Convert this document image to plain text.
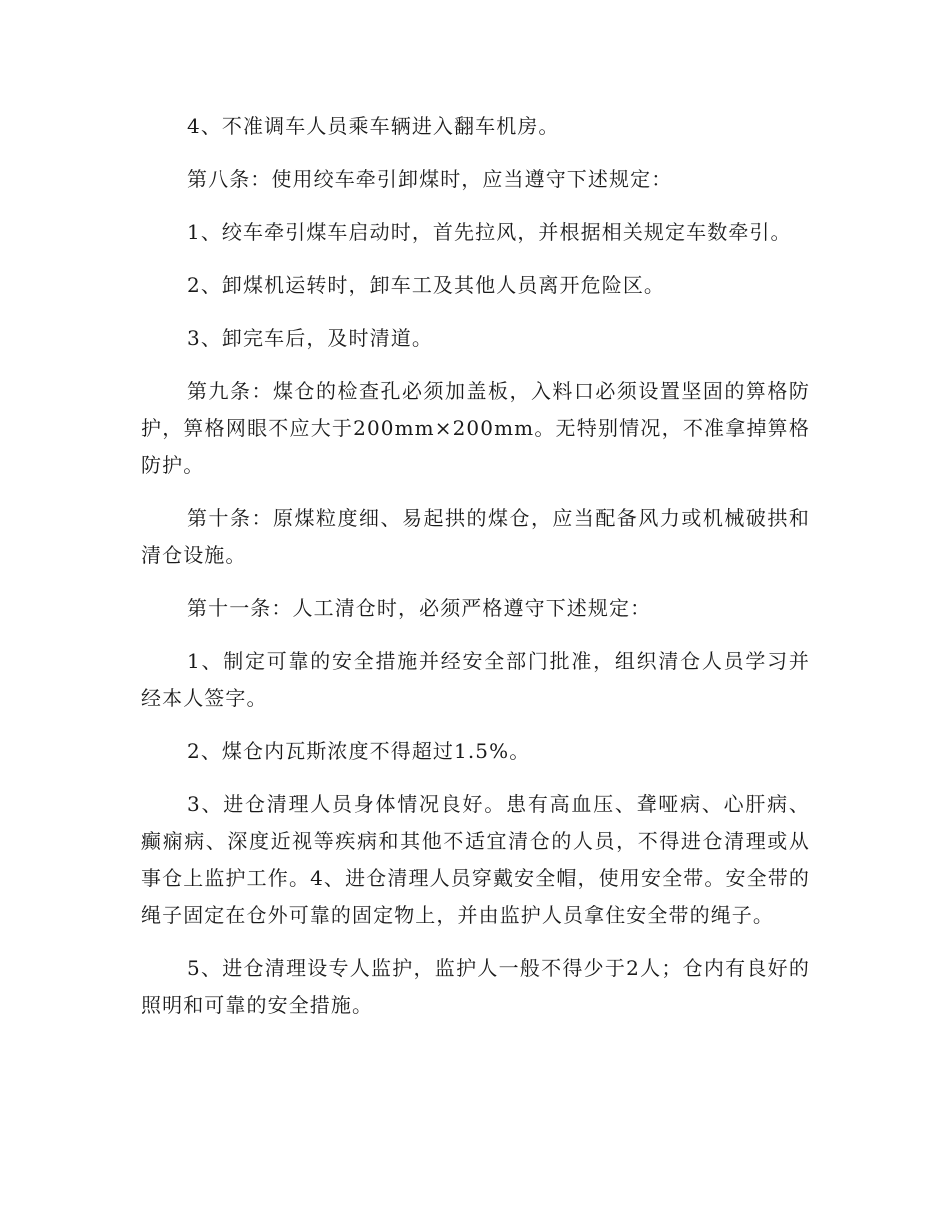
4、不准调车人员乘车辆进入翻车机房。

第八条：使用绞车牵引卸煤时，应当遵守下述规定：

1、绞车牵引煤车启动时，首先拉风，并根据相关规定车数牵引。

2、卸煤机运转时，卸车工及其他人员离开危险区。

3、卸完车后，及时清道。

第九条：煤仓的检查孔必须加盖板，入料口必须设置坚固的箅格防护，箅格网眼不应大于200mm×200mm。无特别情况，不准拿掉箅格防护。

第十条：原煤粒度细、易起拱的煤仓，应当配备风力或机械破拱和清仓设施。

第十一条：人工清仓时，必须严格遵守下述规定：

1、制定可靠的安全措施并经安全部门批准，组织清仓人员学习并经本人签字。

2、煤仓内瓦斯浓度不得超过1.5%。

3、进仓清理人员身体情况良好。患有高血压、聋哑病、心肝病、癫痫病、深度近视等疾病和其他不适宜清仓的人员，不得进仓清理或从事仓上监护工作。4、进仓清理人员穿戴安全帽，使用安全带。安全带的绳子固定在仓外可靠的固定物上，并由监护人员拿住安全带的绳子。

5、进仓清理设专人监护，监护人一般不得少于2人；仓内有良好的照明和可靠的安全措施。
